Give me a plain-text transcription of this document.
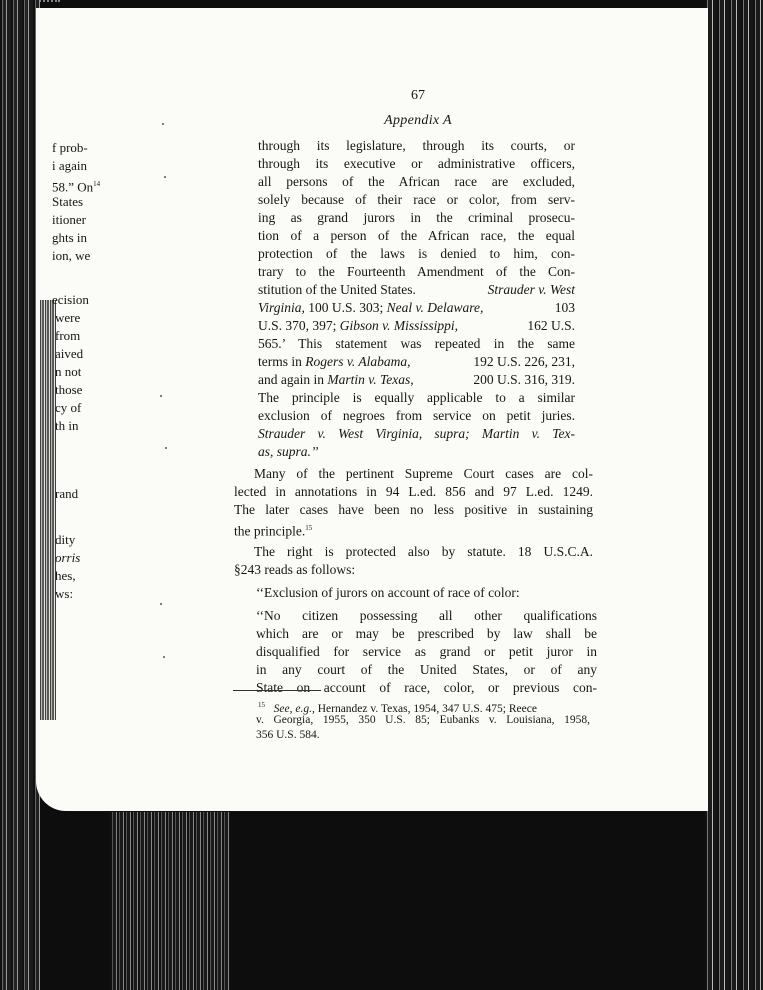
67
Appendix A

f prob-

i again

58.” On$^{14}$

States

itioner

ghts in

ion, we

ecision

were

from

aived

n not

those

cy of

th in

rand

dity

orris

hes,

ws:

through its legislature, through its courts, or

through its executive or administrative officers,

all persons of the African race are excluded,

solely because of their race or color, from serv-

ing as grand jurors in the criminal prosecu-

tion of a person of the African race, the equal

protection of the laws is denied to him, con-

trary to the Fourteenth Amendment of the Con-

stitution of the United States.	Strauder v. West

Virginia, 100 U.S. 303; Neal v. Delaware,	103

U.S. 370, 397; Gibson v. Mississippi,	162 U.S.

565.’ This statement was repeated in the same

terms in Rogers v. Alabama,	192 U.S. 226, 231,

and again in Martin v. Texas,	200 U.S. 316, 319.

The principle is equally applicable to a similar

exclusion of negroes from service on petit juries.

Strauder v. West Virginia, supra; Martin v. Tex-

as, supra.’’

Many of the pertinent Supreme Court cases are col-

lected in annotations in 94 L.ed. 856 and 97 L.ed. 1249.

The later cases have been no less positive in sustaining

the principle.$^{15}$

The right is protected also by statute. 18 U.S.C.A.

§243 reads as follows:

‘‘Exclusion of jurors on account of race of color:

‘‘No citizen possessing all other qualifications

which are or may be prescribed by law shall be

disqualified for service as grand or petit juror in

in any court of the United States, or of any

State on account of race, color, or previous con-

$^{15}$ See, e.g., Hernandez v. Texas, 1954, 347 U.S. 475; Reece

v. Georgia, 1955, 350 U.S. 85; Eubanks v. Louisiana, 1958,

356 U.S. 584.
